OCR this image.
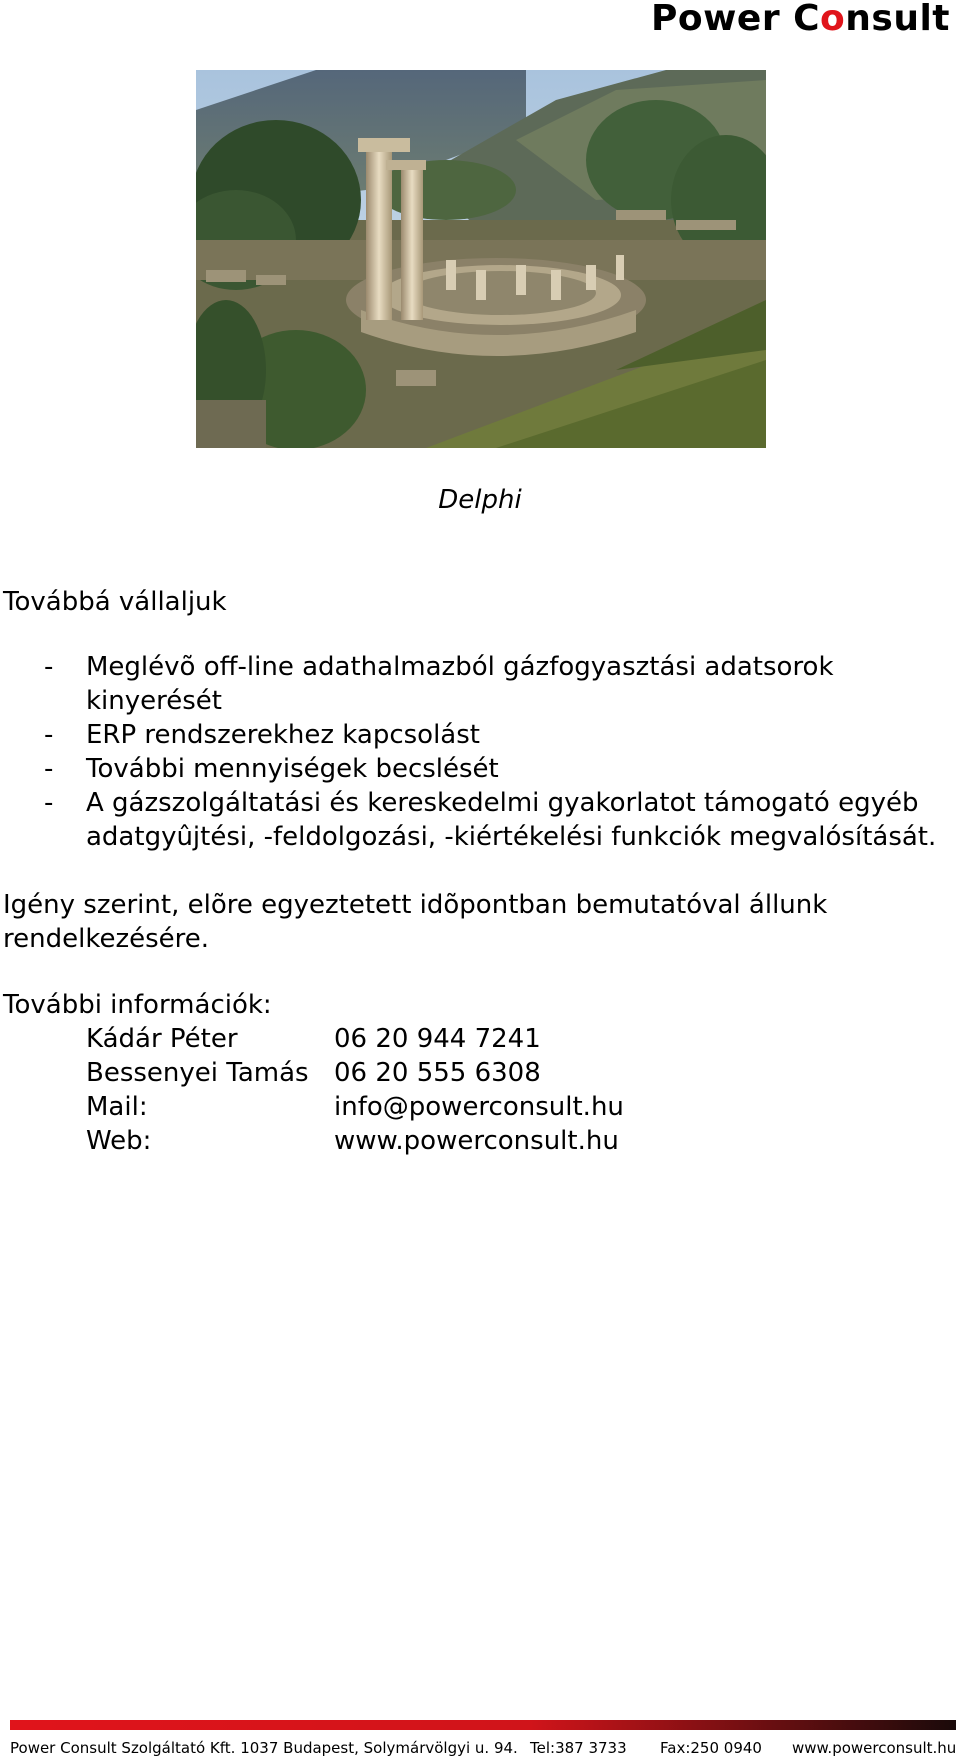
Power Consult
Delphi
Továbbá vállaljuk
- Meglévõ off-line adathalmazból gázfogyasztási adatsorok
kinyerését
- ERP rendszerekhez kapcsolást
- További mennyiségek becslését
- A gázszolgáltatási és kereskedelmi gyakorlatot támogató egyéb
adatgyûjtési, -feldolgozási, -kiértékelési funkciók megvalósítását.
Igény szerint, elõre egyeztetett idõpontban bemutatóval állunk
rendelkezésére.
További információk:
Kádár Péter	06 20 944 7241
Bessenyei Tamás	06 20 555 6308
Mail:	info@powerconsult.hu
Web:	www.powerconsult.hu
Power Consult Szolgáltató Kft. 1037 Budapest, Solymárvölgyi u. 94. Tel:387 3733 Fax:250 0940 www.powerconsult.hu
